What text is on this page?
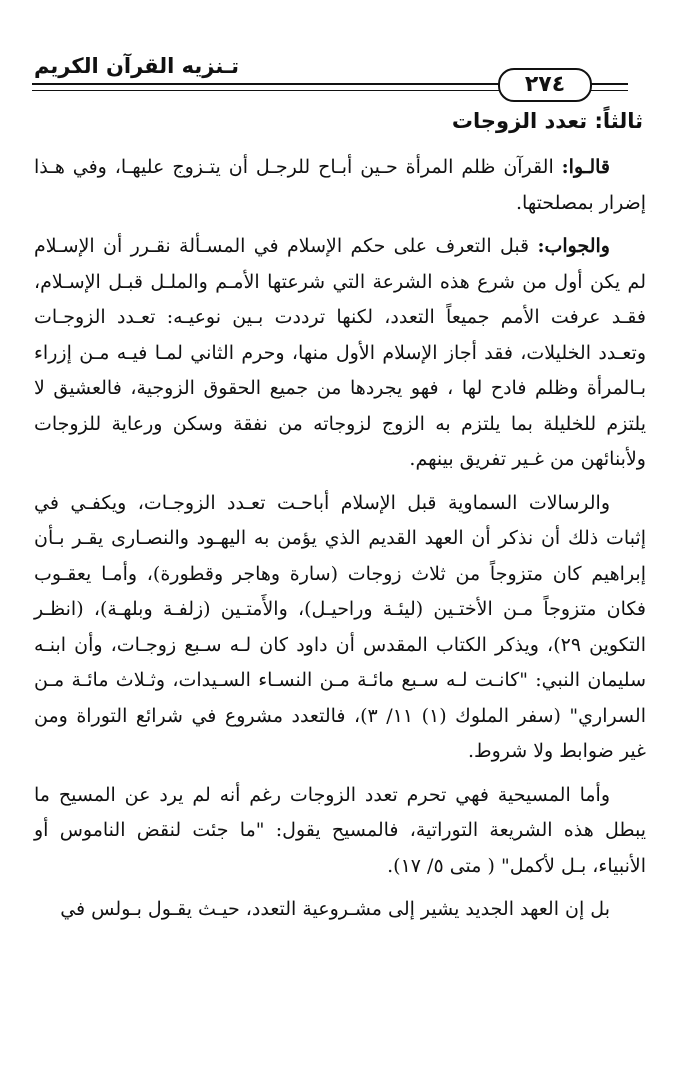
تـنزيه القرآن الكريم
٢٧٤
ثالثاً: تعدد الزوجات

قالـوا: القرآن ظلم المرأة حـين أبـاح للرجـل أن يتـزوج عليهـا، وفي هـذا إضرار بمصلحتها.

والجواب: قبل التعرف على حكم الإسلام في المسـألة نقـرر أن الإسـلام لم يكن أول من شرع هذه الشرعة التي شرعتها الأمـم والملـل قبـل الإسـلام، فقـد عرفت الأمم جميعاً التعدد، لكنها ترددت بـين نوعيـه: تعـدد الزوجـات وتعـدد الخليلات، فقد أجاز الإسلام الأول منها، وحرم الثاني لمـا فيـه مـن إزراء بـالمرأة وظلم فادح لها ، فهو يجردها من جميع الحقوق الزوجية، فالعشيق لا يلتزم للخليلة بما يلتزم به الزوج لزوجاته من نفقة وسكن ورعاية للزوجات ولأبنائهن من غـير تفريق بينهم.

والرسالات السماوية قبل الإسلام أباحـت تعـدد الزوجـات، ويكفـي في إثبات ذلك أن نذكر أن العهد القديم الذي يؤمن به اليهـود والنصـارى يقـر بـأن إبراهيم كان متزوجاً من ثلاث زوجات (سارة وهاجر وقطورة)، وأمـا يعقـوب فكان متزوجاً مـن الأختـين (ليئـة وراحيـل)، والأَمتـين (زلفـة وبلهـة)، (انظـر التكوين ٢٩)، ويذكر الكتاب المقدس أن داود كان لـه سـبع زوجـات، وأن ابنـه سليمان النبي: "كانـت لـه سـبع مائـة مـن النسـاء السـيدات، وثـلاث مائـة مـن السراري" (سفر الملوك (١) ١١/ ٣)، فالتعدد مشروع في شرائع التوراة ومن غير ضوابط ولا شروط.

وأما المسيحية فهي تحرم تعدد الزوجات رغم أنه لم يرد عن المسيح ما يبطل هذه الشريعة التوراتية، فالمسيح يقول: "ما جئت لنقض الناموس أو الأنبياء، بـل لأكمل" ( متى ٥/ ١٧).

بل إن العهد الجديد يشير إلى مشـروعية التعدد، حيـث يقـول بـولس في
